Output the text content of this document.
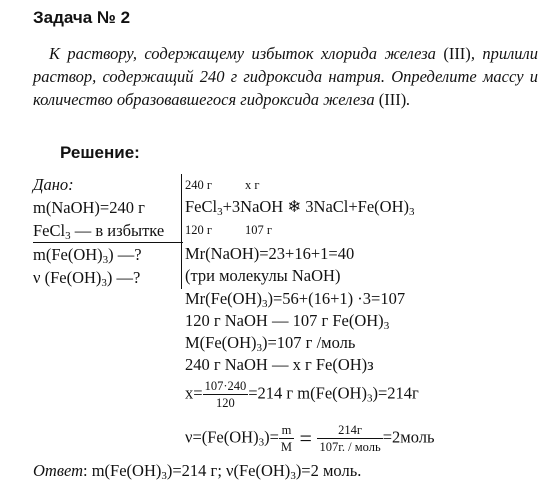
Задача № 2

К раствору, содержащему избыток хлорида железа (III), прилили раствор, содержащий 240 г гидроксида натрия. Определите массу и количество образовавшегося гидроксида железа (III).

Решение:
Дано:
m(NaOH)=240 г
FeCl$_3$ — в избытке
$m(Fe(OH)_3)$ —?
ν $(Fe(OH)_3)$ —?
240 г	х г
FeCl$_3$+3NaOH ❄ $3NaCl+Fe(OH)_3$
120 г	107 г
Mr(NaOH)=23+16+1=40
(три молекулы NaOH)
$Mr(Fe(OH)_3)=56+(16+1) \cdot 3=107$
120 г NaOH — 107 г $Fe(OH)_3$
$M(Fe(OH)_3)=107$ г /моль
240 г NaOH — х г Fe(OH)з
$x= \frac{107\cdot 240}{120} =214$ г $m(Fe(OH)_3)=214г$
$\nu=(Fe(OH)_3)= \frac{m}{M} = \frac{214г}{\text{107г. / моль}}$ =2моль
Ответ: $m(Fe(OH)_3)=214$ г; $\nu(Fe(OH)_3)=2$ моль.
